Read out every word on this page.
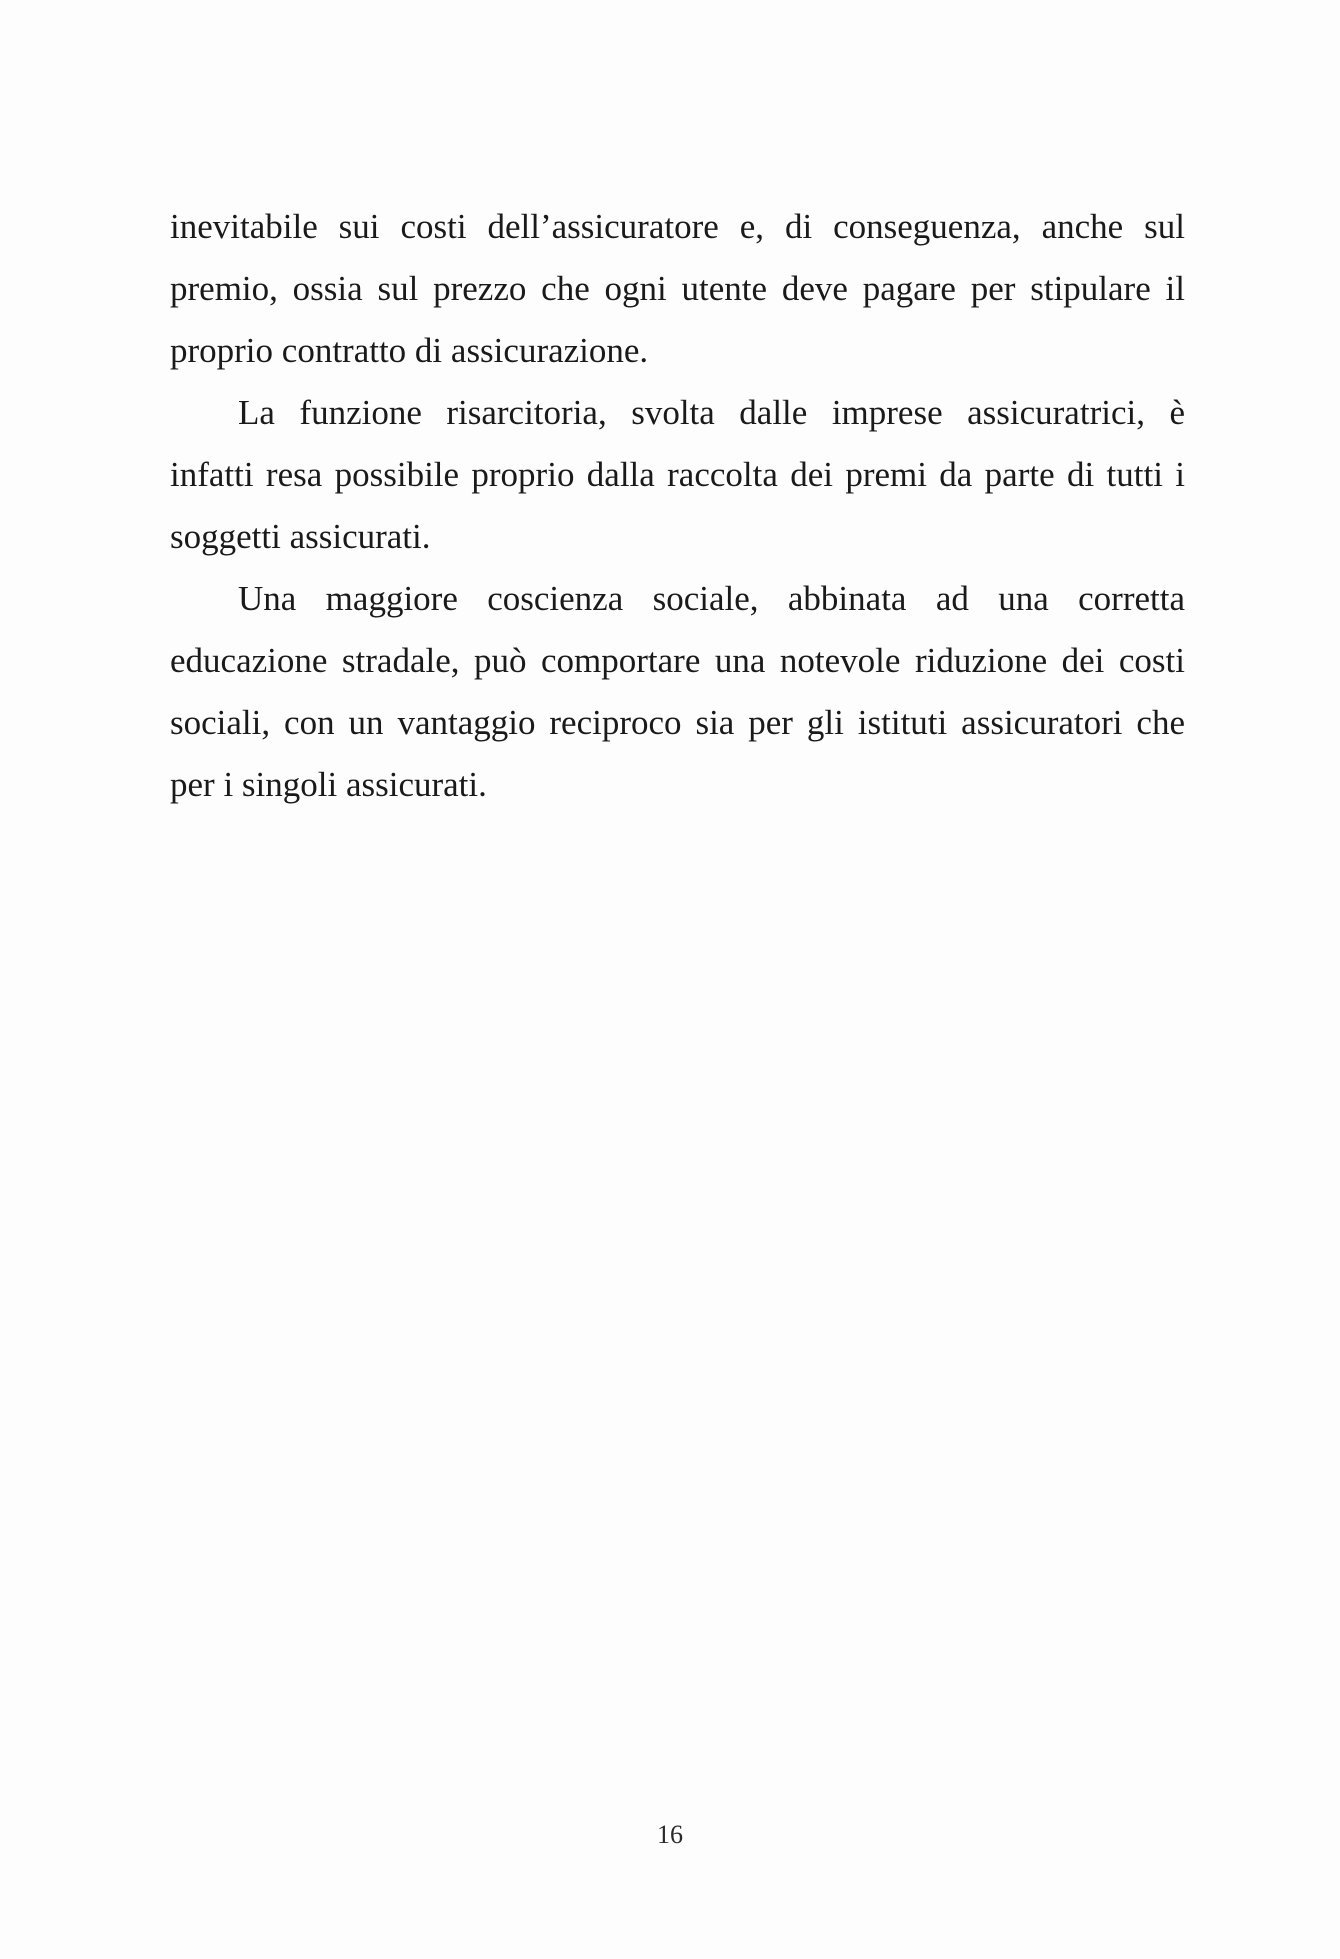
inevitabile sui costi dell’assicuratore e, di conseguenza, anche sul
premio, ossia sul prezzo che ogni utente deve pagare per stipulare il
proprio contratto di assicurazione.
La funzione risarcitoria, svolta dalle imprese assicuratrici, è
infatti resa possibile proprio dalla raccolta dei premi da parte di tutti i
soggetti assicurati.
Una maggiore coscienza sociale, abbinata ad una corretta
educazione stradale, può comportare una notevole riduzione dei costi
sociali, con un vantaggio reciproco sia per gli istituti assicuratori che
per i singoli assicurati.
16
